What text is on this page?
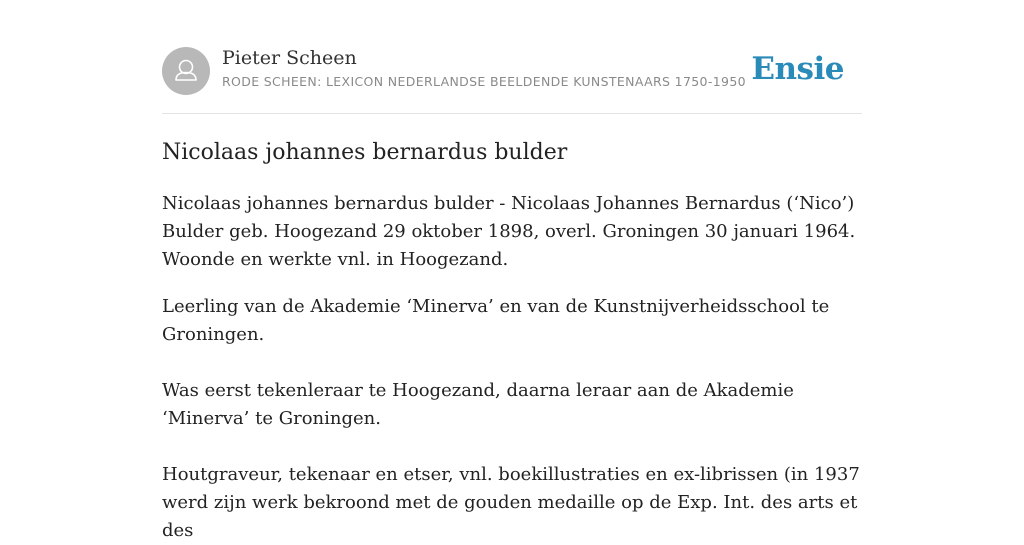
Pieter Scheen
RODE SCHEEN: LEXICON NEDERLANDSE BEELDENDE KUNSTENAARS 1750-1950 Ensie
Nicolaas johannes bernardus bulder

Nicolaas johannes bernardus bulder - Nicolaas Johannes Bernardus (‘Nico’) Bulder geb. Hoogezand 29 oktober 1898, overl. Groningen 30 januari 1964. Woonde en werkte vnl. in Hoogezand.

Leerling van de Akademie ‘Minerva’ en van de Kunstnijverheidsschool te Groningen.

Was eerst tekenleraar te Hoogezand, daarna leraar aan de Akademie ‘Minerva’ te Groningen.

Houtgraveur, tekenaar en etser, vnl. boekillustraties en ex-librissen (in 1937 werd zijn werk bekroond met de gouden medaille op de Exp. Int. des arts et des
